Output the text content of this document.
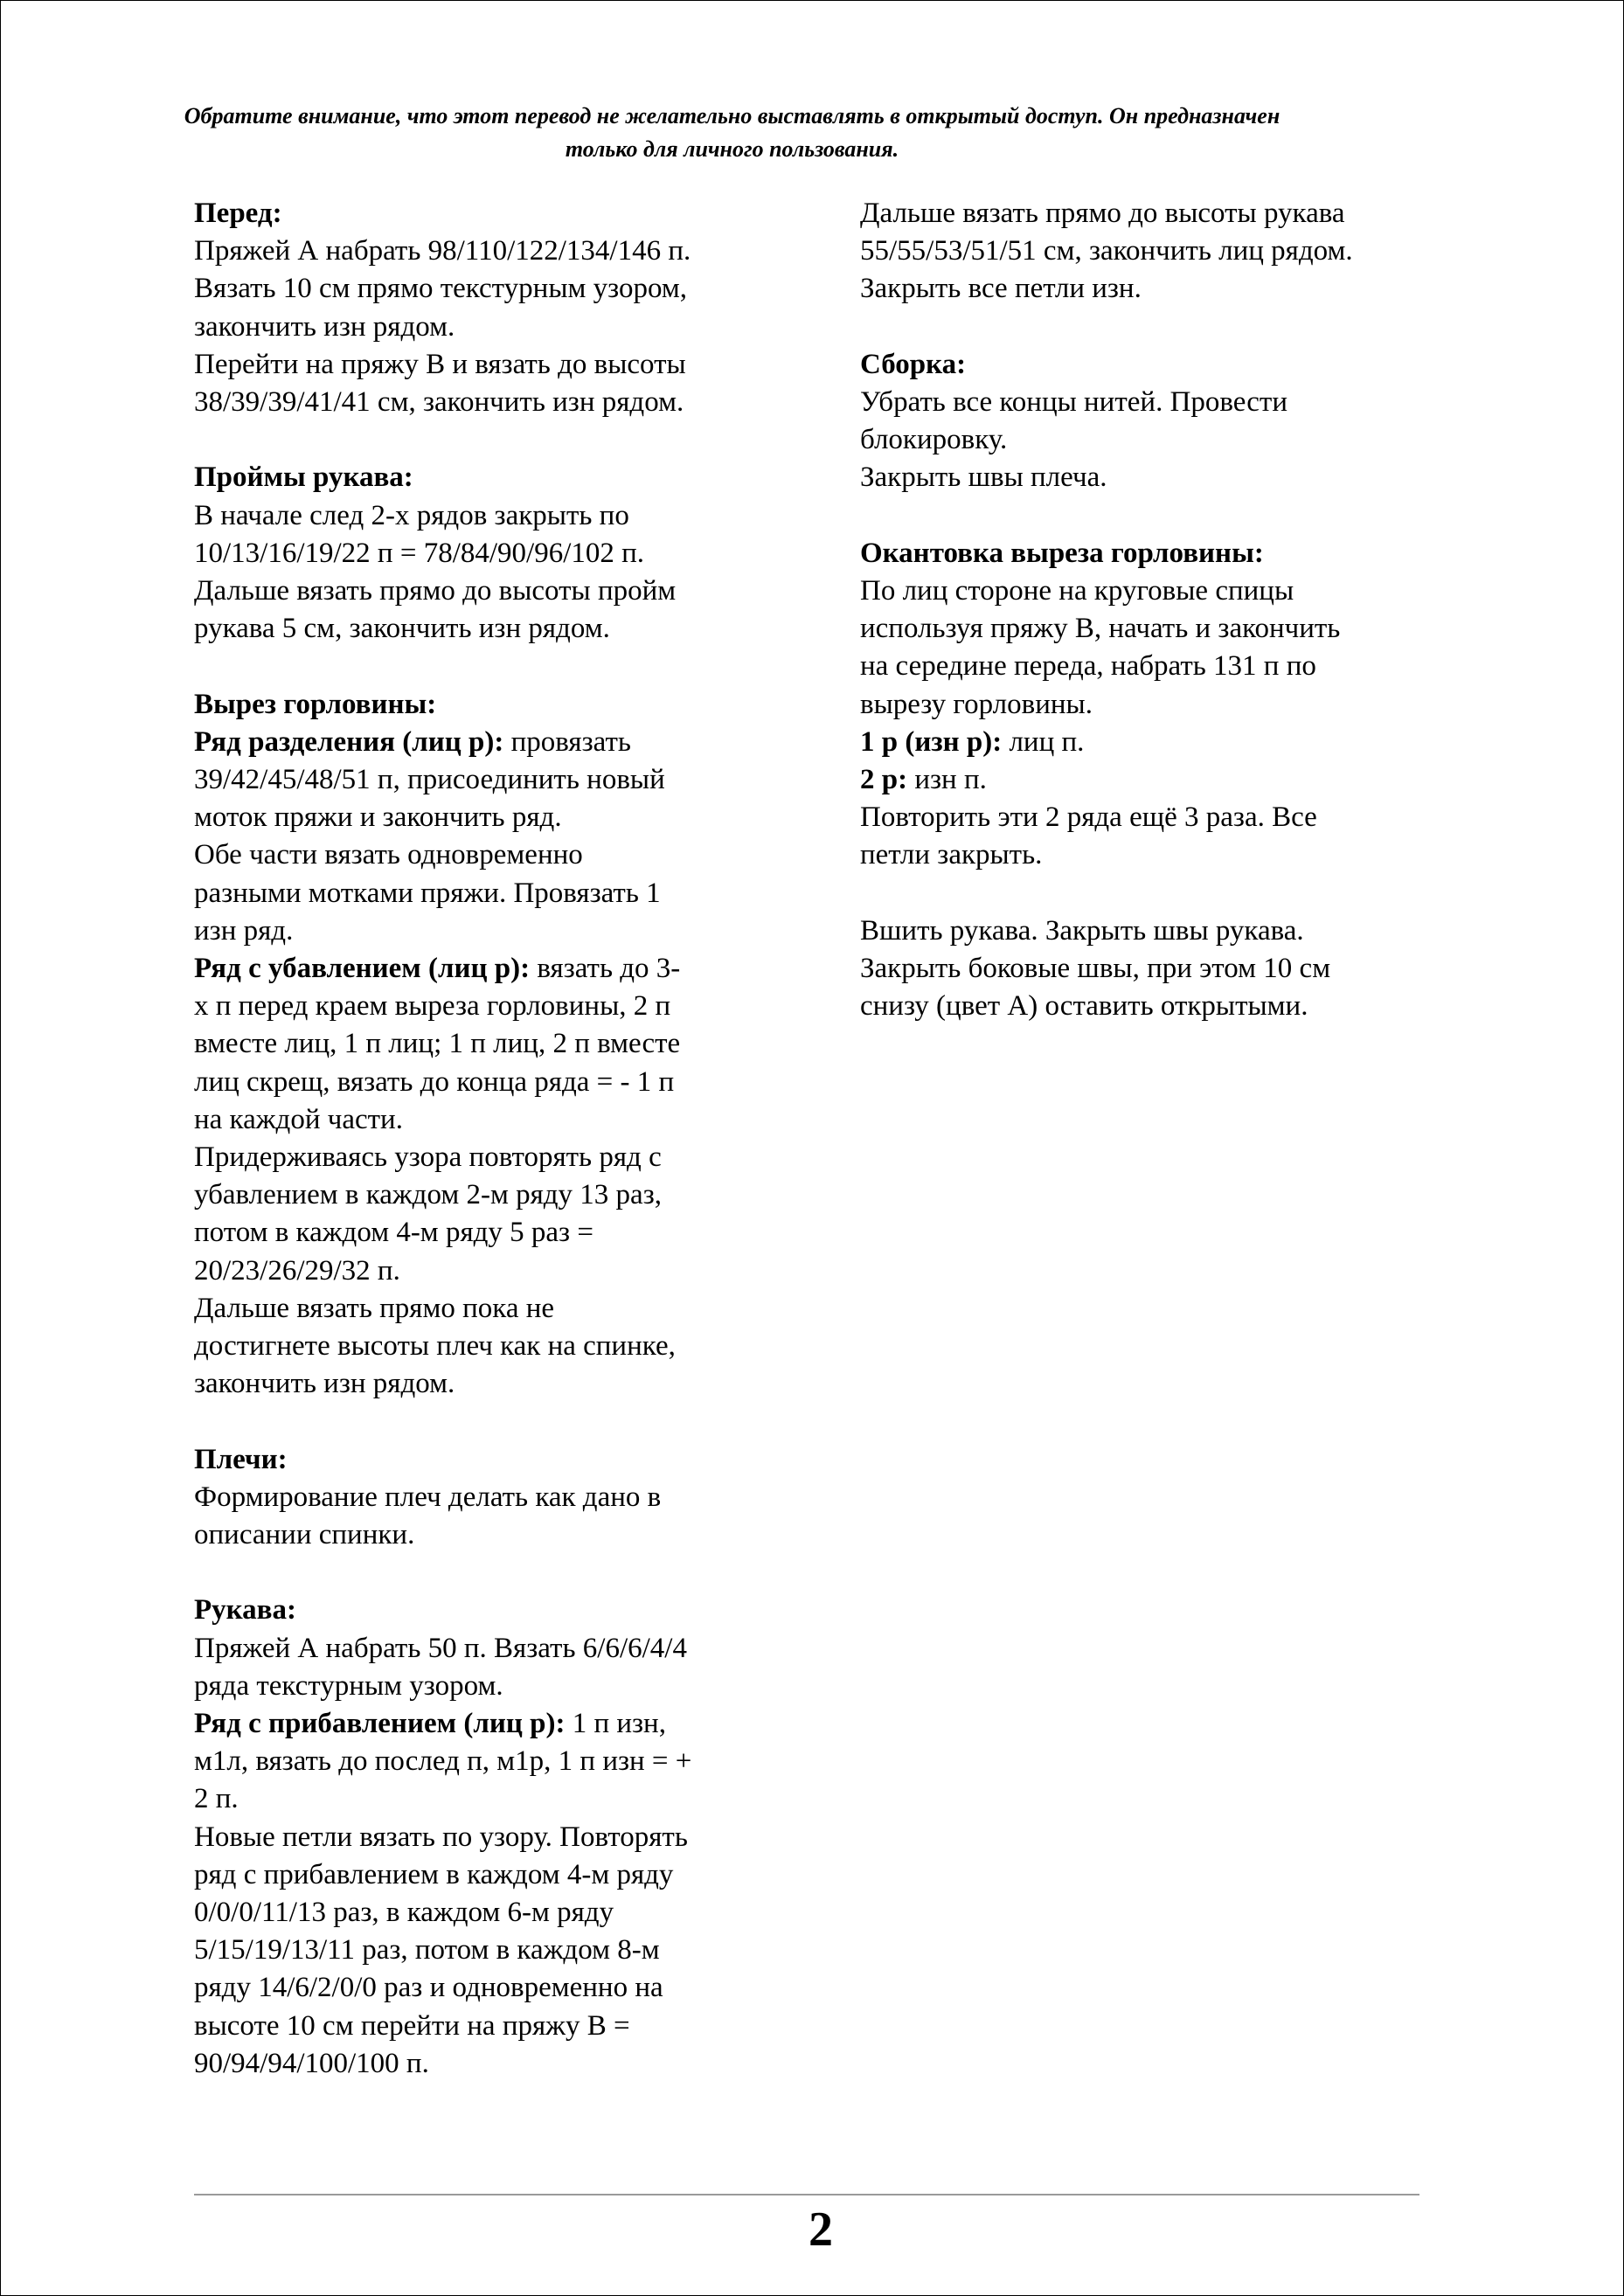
Обратите внимание, что этот перевод не желательно выставлять в открытый доступ. Он предназначен только для личного пользования.

Перед:

Пряжей А набрать 98/110/122/134/146 п.
Вязать 10 см прямо текстурным узором,
закончить изн рядом.
Перейти на пряжу В и вязать до высоты
38/39/39/41/41 см, закончить изн рядом.

Проймы рукава:

В начале след 2-х рядов закрыть по
10/13/16/19/22 п = 78/84/90/96/102 п.
Дальше вязать прямо до высоты пройм
рукава 5 см, закончить изн рядом.

Вырез горловины:

Ряд разделения (лиц р): провязать
39/42/45/48/51 п, присоединить новый
моток пряжи и закончить ряд.

Обе части вязать одновременно
разными мотками пряжи. Провязать 1
изн ряд.

Ряд с убавлением (лиц р): вязать до 3-
х п перед краем выреза горловины, 2 п
вместе лиц, 1 п лиц; 1 п лиц, 2 п вместе
лиц скрещ, вязать до конца ряда = - 1 п
на каждой части.

Придерживаясь узора повторять ряд с
убавлением в каждом 2-м ряду 13 раз,
потом в каждом 4-м ряду 5 раз =
20/23/26/29/32 п.

Дальше вязать прямо пока не
достигнете высоты плеч как на спинке,
закончить изн рядом.

Плечи:

Формирование плеч делать как дано в
описании спинки.

Рукава:

Пряжей А набрать 50 п. Вязать 6/6/6/4/4
ряда текстурным узором.

Ряд с прибавлением (лиц р): 1 п изн,
м1л, вязать до послед п, м1р, 1 п изн = +
2 п.

Новые петли вязать по узору. Повторять
ряд с прибавлением в каждом 4-м ряду
0/0/0/11/13 раз, в каждом 6-м ряду
5/15/19/13/11 раз, потом в каждом 8-м
ряду 14/6/2/0/0 раз и одновременно на
высоте 10 см перейти на пряжу В =
90/94/94/100/100 п.

Дальше вязать прямо до высоты рукава
55/55/53/51/51 см, закончить лиц рядом.
Закрыть все петли изн.

Сборка:

Убрать все концы нитей. Провести
блокировку.
Закрыть швы плеча.

Окантовка выреза горловины:

По лиц стороне на круговые спицы
используя пряжу В, начать и закончить
на середине переда, набрать 131 п по
вырезу горловины.

1 р (изн р): лиц п.

2 р: изн п.

Повторить эти 2 ряда ещё 3 раза. Все
петли закрыть.

Вшить рукава. Закрыть швы рукава.
Закрыть боковые швы, при этом 10 см
снизу (цвет А) оставить открытыми.

2
